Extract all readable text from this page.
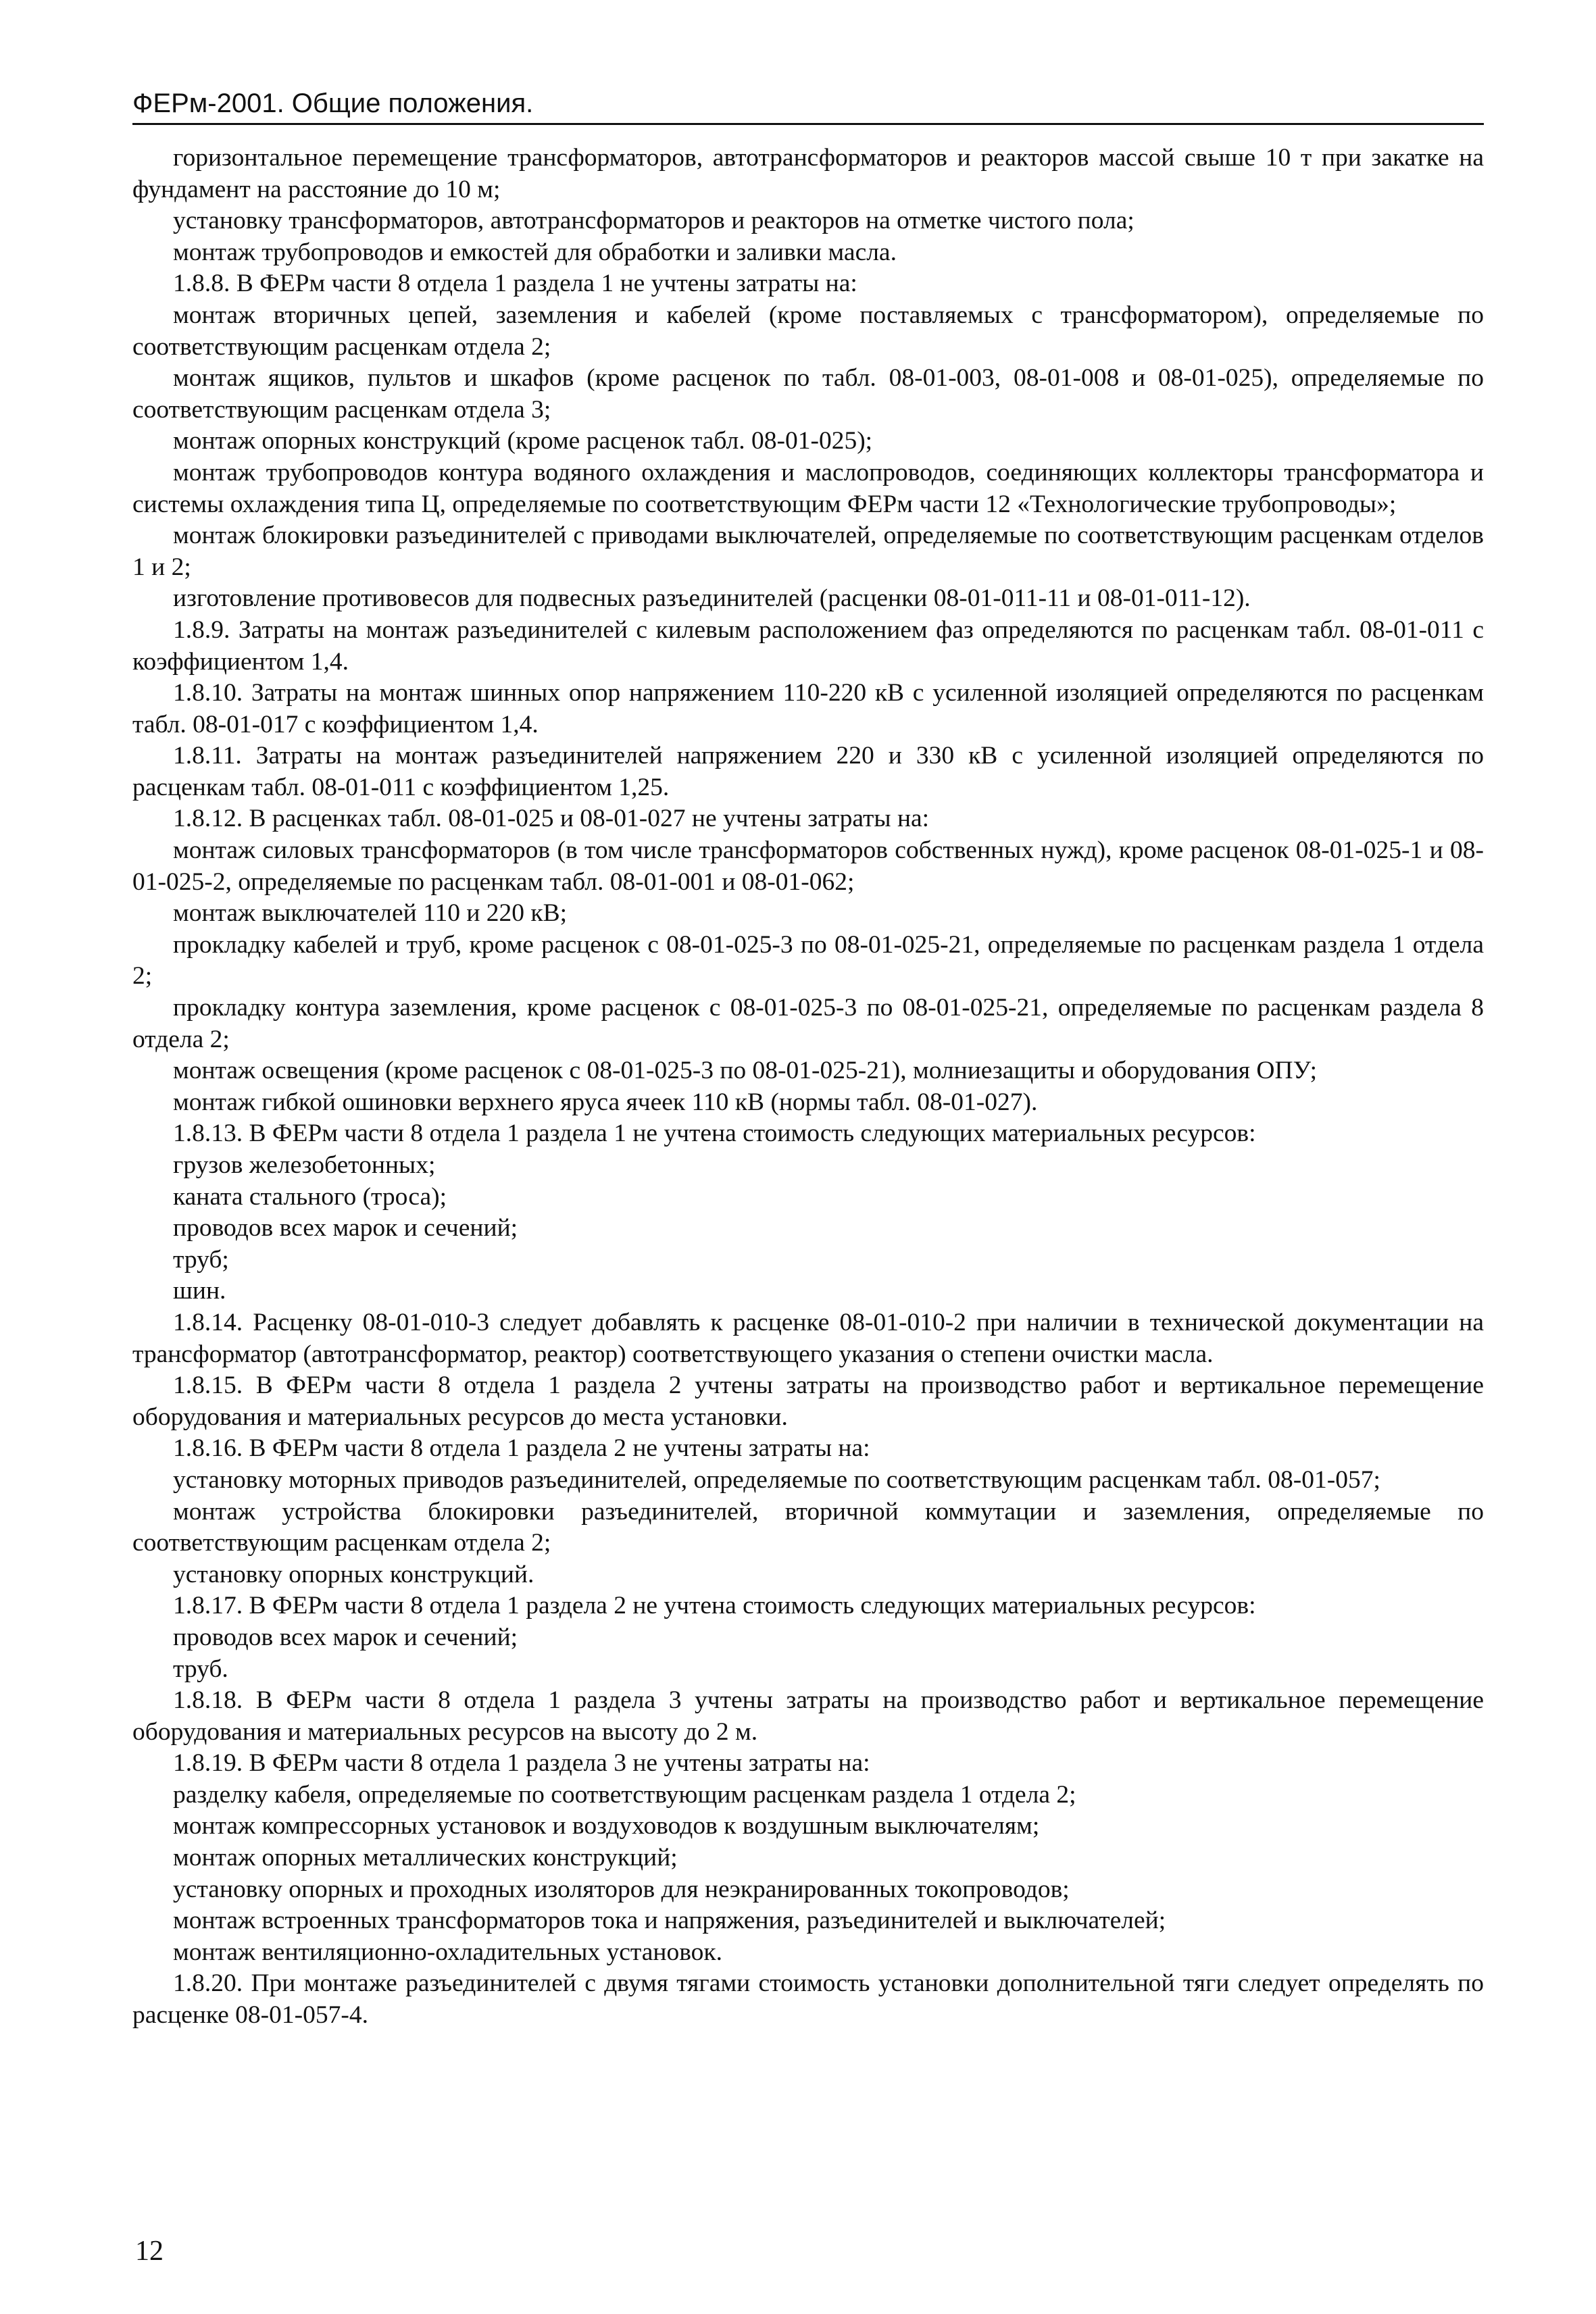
ФЕРм-2001. Общие положения.

горизонтальное перемещение трансформаторов, автотрансформаторов и реакторов массой свыше 10 т при закатке на фундамент на расстояние до 10 м;

установку трансформаторов, автотрансформаторов и реакторов на отметке чистого пола;

монтаж трубопроводов и емкостей для обработки и заливки масла.

1.8.8. В ФЕРм части 8 отдела 1 раздела 1 не учтены затраты на:

монтаж вторичных цепей, заземления и кабелей (кроме поставляемых с трансформатором), определяемые по соответствующим расценкам отдела 2;

монтаж ящиков, пультов и шкафов (кроме расценок по табл. 08-01-003, 08-01-008 и 08-01-025), определяемые по соответствующим расценкам отдела 3;

монтаж опорных конструкций (кроме расценок табл. 08-01-025);

монтаж трубопроводов контура водяного охлаждения и маслопроводов, соединяющих коллекторы трансформатора и системы охлаждения типа Ц, определяемые по соответствующим ФЕРм части 12 «Технологические трубопроводы»;

монтаж блокировки разъединителей с приводами выключателей, определяемые по соответствующим расценкам отделов 1 и 2;

изготовление противовесов для подвесных разъединителей (расценки 08-01-011-11 и 08-01-011-12).

1.8.9. Затраты на монтаж разъединителей с килевым расположением фаз определяются по расценкам табл. 08-01-011 с коэффициентом 1,4.

1.8.10. Затраты на монтаж шинных опор напряжением 110-220 кВ с усиленной изоляцией определяются по расценкам табл. 08-01-017 с коэффициентом 1,4.

1.8.11. Затраты на монтаж разъединителей напряжением 220 и 330 кВ с усиленной изоляцией определяются по расценкам табл. 08-01-011 с коэффициентом 1,25.

1.8.12. В расценках табл. 08-01-025 и 08-01-027 не учтены затраты на:

монтаж силовых трансформаторов (в том числе трансформаторов собственных нужд), кроме расценок 08-01-025-1 и 08-01-025-2, определяемые по расценкам табл. 08-01-001 и 08-01-062;

монтаж выключателей 110 и 220 кВ;

прокладку кабелей и труб, кроме расценок с 08-01-025-3 по 08-01-025-21, определяемые по расценкам раздела 1 отдела 2;

прокладку контура заземления, кроме расценок с 08-01-025-3 по 08-01-025-21, определяемые по расценкам раздела 8 отдела 2;

монтаж освещения (кроме расценок с 08-01-025-3 по 08-01-025-21), молниезащиты и оборудования ОПУ;

монтаж гибкой ошиновки верхнего яруса ячеек 110 кВ (нормы табл. 08-01-027).

1.8.13. В ФЕРм части 8 отдела 1 раздела 1 не учтена стоимость следующих материальных ресурсов:

грузов железобетонных;

каната стального (троса);

проводов всех марок и сечений;

труб;

шин.

1.8.14. Расценку 08-01-010-3 следует добавлять к расценке 08-01-010-2 при наличии в технической документации на трансформатор (автотрансформатор, реактор) соответствующего указания о степени очистки масла.

1.8.15. В ФЕРм части 8 отдела 1 раздела 2 учтены затраты на производство работ и вертикальное перемещение оборудования и материальных ресурсов до места установки.

1.8.16. В ФЕРм части 8 отдела 1 раздела 2 не учтены затраты на:

установку моторных приводов разъединителей, определяемые по соответствующим расценкам табл. 08-01-057;

монтаж устройства блокировки разъединителей, вторичной коммутации и заземления, определяемые по соответствующим расценкам отдела 2;

установку опорных конструкций.

1.8.17. В ФЕРм части 8 отдела 1 раздела 2 не учтена стоимость следующих материальных ресурсов:

проводов всех марок и сечений;

труб.

1.8.18. В ФЕРм части 8 отдела 1 раздела 3 учтены затраты на производство работ и вертикальное перемещение оборудования и материальных ресурсов на высоту до 2 м.

1.8.19. В ФЕРм части 8 отдела 1 раздела 3 не учтены затраты на:

разделку кабеля, определяемые по соответствующим расценкам раздела 1 отдела 2;

монтаж компрессорных установок и воздуховодов к воздушным выключателям;

монтаж опорных металлических конструкций;

установку опорных и проходных изоляторов для неэкранированных токопроводов;

монтаж встроенных трансформаторов тока и напряжения, разъединителей и выключателей;

монтаж вентиляционно-охладительных установок.

1.8.20. При монтаже разъединителей с двумя тягами стоимость установки дополнительной тяги следует определять по расценке 08-01-057-4.

12
